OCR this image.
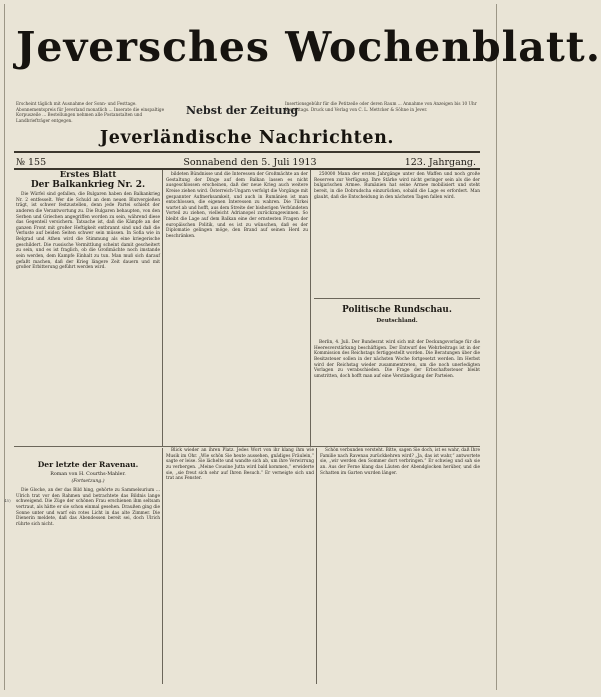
Jeversches Wochenblatt.
Erscheint täglich mit Ausnahme der Sonn- und Festtage. Abonnementspreis für Jeverland monatlich ... Inserate die einspaltige Korpuszeile ... Bestellungen nehmen alle Postanstalten und Landbriefträger entgegen.
Nebst der Zeitung
Insertionsgebühr für die Petitzeile oder deren Raum ... Annahme von Anzeigen bis 10 Uhr Vormittags. Druck und Verlag von C. L. Mettcker & Söhne in Jever.
Jeverländische Nachrichten.
№ 155	Sonnabend den 5. Juli 1913	123. Jahrgang.
Erstes Blatt
Der Balkankrieg Nr. 2.

Die Würfel sind gefallen, die Bulgaren haben den Balkankrieg Nr. 2 entfesselt. Wer die Schuld an dem neuen Blutvergießen trägt, ist schwer festzustellen, denn jede Partei schiebt der anderen die Verantwortung zu. Die Bulgaren behaupten, von den Serben und Griechen angegriffen worden zu sein, während diese das Gegenteil versichern. Tatsache ist, daß die Kämpfe an der ganzen Front mit großer Heftigkeit entbrannt sind und daß die Verluste auf beiden Seiten schwer sein müssen. In Sofia wie in Belgrad und Athen wird die Stimmung als eine kriegerische geschildert. Die russische Vermittlung scheint damit gescheitert zu sein, und es ist fraglich, ob die Großmächte noch imstande sein werden, dem Kampfe Einhalt zu tun. Man muß sich darauf gefaßt machen, daß der Krieg längere Zeit dauern und mit großer Erbitterung geführt werden wird.

bildeten Bündnisse und die Interessen der Großmächte an der Gestaltung der Dinge auf dem Balkan lassen es nicht ausgeschlossen erscheinen, daß der neue Krieg auch weitere Kreise ziehen wird. Österreich-Ungarn verfolgt die Vorgänge mit gespannter Aufmerksamkeit, und auch in Rumänien ist man entschlossen, die eigenen Interessen zu wahren. Die Türkei wartet ab und hofft, aus dem Streite der bisherigen Verbündeten Vorteil zu ziehen, vielleicht Adrianopel zurückzugewinnen. So bleibt die Lage auf dem Balkan eine der ernstesten Fragen der europäischen Politik, und es ist zu wünschen, daß es der Diplomatie gelingen möge, den Brand auf seinen Herd zu beschränken.

250000 Mann der ersten Jahrgänge unter den Waffen und noch große Reserven zur Verfügung. Ihre Stärke wird nicht geringer sein als die der bulgarischen Armee. Rumänien hat seine Armee mobilisiert und steht bereit, in die Dobrudscha einzurücken, sobald die Lage es erfordert. Man glaubt, daß die Entscheidung in den nächsten Tagen fallen wird.

Politische Rundschau.
Deutschland.

Berlin, 4. Juli. Der Bundesrat wird sich mit der Deckungsvorlage für die Heeresverstärkung beschäftigen. Der Entwurf des Wehrbeitrags ist in der Kommission des Reichstags fertiggestellt worden. Die Beratungen über die Besitzsteuer sollen in der nächsten Woche fortgesetzt werden. Im Herbst wird der Reichstag wieder zusammentreten, um die noch unerledigten Vorlagen zu verabschieden. Die Frage der Erbschaftssteuer bleibt umstritten, doch hofft man auf eine Verständigung der Parteien.

Der letzte der Ravenau.
Roman von H. Courths-Mahler.
(Fortsetzung.)
45)

Die Glocke, an der das Bild hing, gehörte zu Sammelsurium ... Ulrich trat vor den Rahmen und betrachtete das Bildnis lange schweigend. Die Züge der schönen Frau erschienen ihm seltsam vertraut, als hätte er sie schon einmal gesehen. Draußen ging die Sonne unter und warf ein rotes Licht in das alte Zimmer. Die Dienerin meldete, daß das Abendessen bereit sei, doch Ulrich rührte sich nicht.

Blick wieder an ihren Platz. Jedes Wort von ihr klang ihm wie Musik im Ohr. „Wie schön Sie heute aussehen, gnädiges Fräulein,“ sagte er leise. Sie lächelte und wandte sich ab, um ihre Verwirrung zu verbergen. „Meine Cousine Jutta wird bald kommen,“ erwiderte sie, „sie freut sich sehr auf Ihren Besuch.“ Er verneigte sich und trat ans Fenster.

Schön verbunden versteht. Bitte, sagen Sie doch, ist es wahr, daß Ihre Familie nach Ravenau zurückkehren wird? „Ja, das ist wahr,“ antwortete sie, „wir werden den Sommer dort verbringen.“ Er schwieg und sah sie an. Aus der Ferne klang das Läuten der Abendglocken herüber, und die Schatten im Garten wurden länger.
